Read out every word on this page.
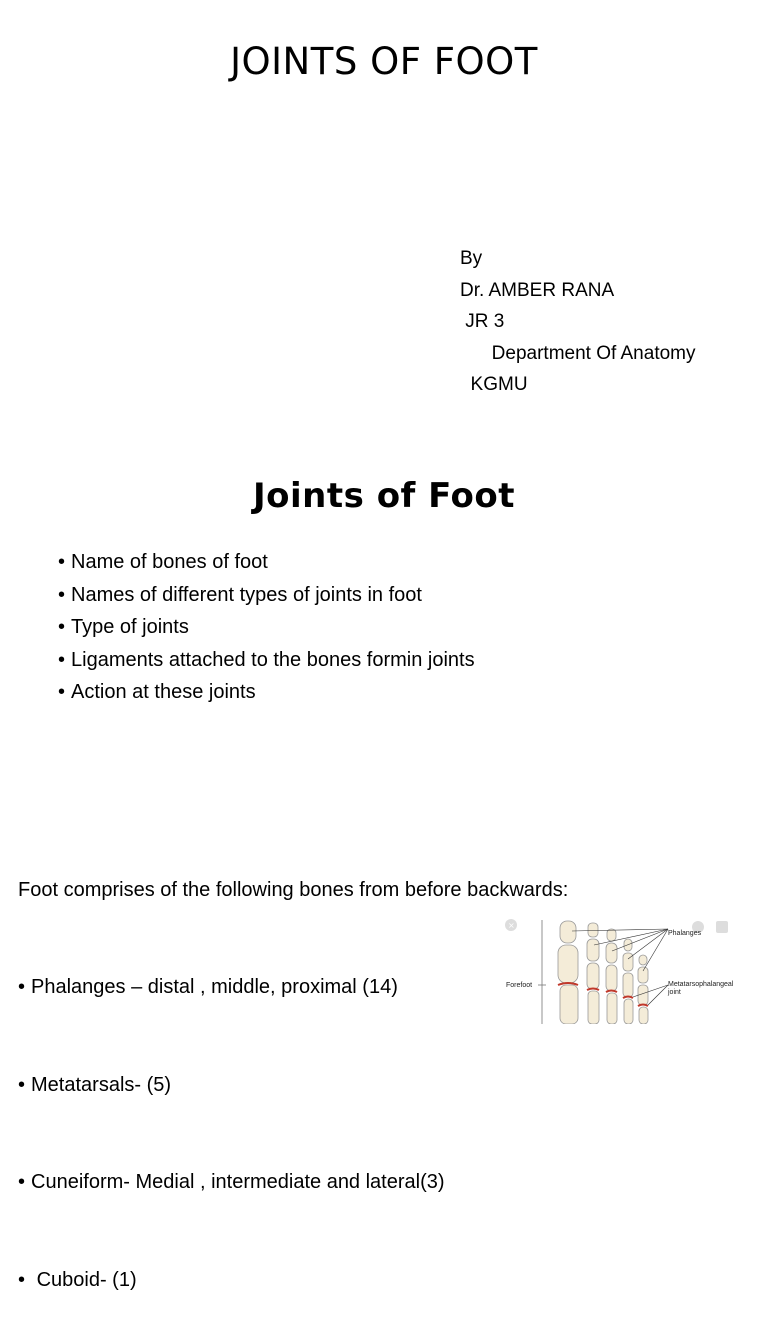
JOINTS OF FOOT
By
Dr. AMBER RANA
JR 3
Department Of Anatomy
KGMU
Joints of Foot
• Name of bones of foot
• Names of different types of joints in foot
• Type of joints
• Ligaments attached to the bones formin joints
• Action at these joints
Foot comprises of the following bones from before backwards:

• Phalanges – distal , middle, proximal (14)

• Metatarsals- (5)

• Cuneiform- Medial , intermediate and lateral(3)

•  Cuboid- (1)

×
Forefoot
Phalanges
Metatarsophalangeal
joint
